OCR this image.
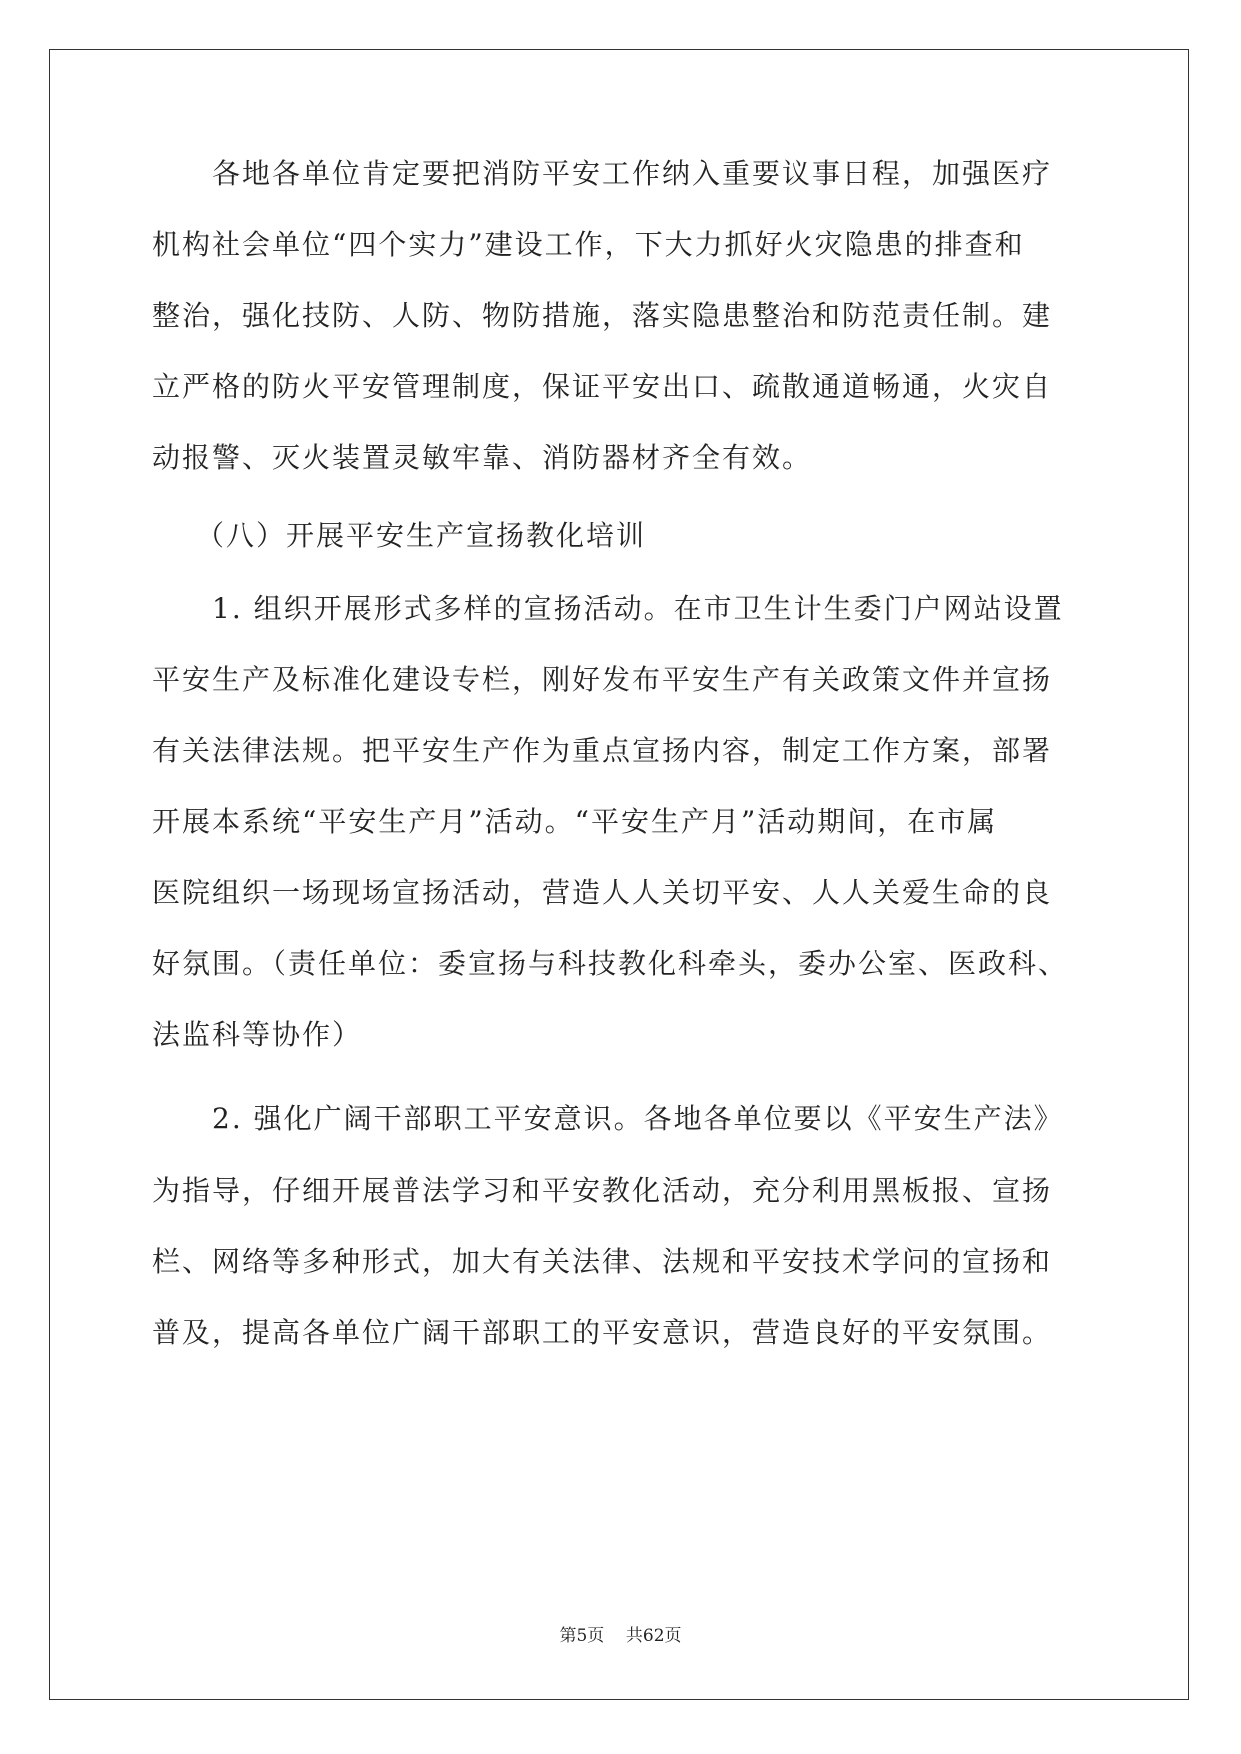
各地各单位肯定要把消防平安工作纳入重要议事日程，加强医疗
机构社会单位“四个实力”建设工作，下大力抓好火灾隐患的排查和
整治，强化技防、人防、物防措施，落实隐患整治和防范责任制。建
立严格的防火平安管理制度，保证平安出口、疏散通道畅通，火灾自
动报警、灭火装置灵敏牢靠、消防器材齐全有效。
（八）开展平安生产宣扬教化培训
1. 组织开展形式多样的宣扬活动。在市卫生计生委门户网站设置
平安生产及标准化建设专栏，刚好发布平安生产有关政策文件并宣扬
有关法律法规。把平安生产作为重点宣扬内容，制定工作方案，部署
开展本系统“平安生产月”活动。“平安生产月”活动期间，在市属
医院组织一场现场宣扬活动，营造人人关切平安、人人关爱生命的良
好氛围。（责任单位：委宣扬与科技教化科牵头，委办公室、医政科、
法监科等协作）
2. 强化广阔干部职工平安意识。各地各单位要以《平安生产法》
为指导，仔细开展普法学习和平安教化活动，充分利用黑板报、宣扬
栏、网络等多种形式，加大有关法律、法规和平安技术学问的宣扬和
普及，提高各单位广阔干部职工的平安意识，营造良好的平安氛围。
第5页    共62页
